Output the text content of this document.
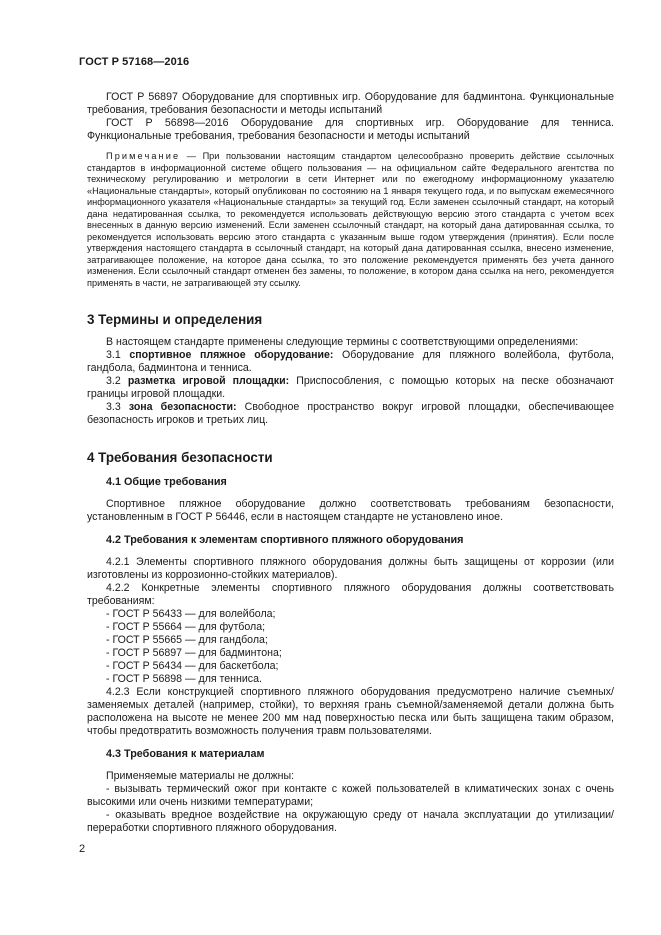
ГОСТ Р 57168—2016

ГОСТ Р 56897 Оборудование для спортивных игр. Оборудование для бадминтона. Функциональные требования, требования безопасности и методы испытаний

ГОСТ Р 56898—2016 Оборудование для спортивных игр. Оборудование для тенниса. Функциональные требования, требования безопасности и методы испытаний

Примечание — При пользовании настоящим стандартом целесообразно проверить действие ссылочных стандартов в информационной системе общего пользования — на официальном сайте Федерального агентства по техническому регулированию и метрологии в сети Интернет или по ежегодному информационному указателю «Национальные стандарты», который опубликован по состоянию на 1 января текущего года, и по выпускам ежемесячного информационного указателя «Национальные стандарты» за текущий год. Если заменен ссылочный стандарт, на который дана недатированная ссылка, то рекомендуется использовать действующую версию этого стандарта с учетом всех внесенных в данную версию изменений. Если заменен ссылочный стандарт, на который дана датированная ссылка, то рекомендуется использовать версию этого стандарта с указанным выше годом утверждения (принятия). Если после утверждения настоящего стандарта в ссылочный стандарт, на который дана датированная ссылка, внесено изменение, затрагивающее положение, на которое дана ссылка, то это положение рекомендуется применять без учета данного изменения. Если ссылочный стандарт отменен без замены, то положение, в котором дана ссылка на него, рекомендуется применять в части, не затрагивающей эту ссылку.

3 Термины и определения

В настоящем стандарте применены следующие термины с соответствующими определениями:

3.1 спортивное пляжное оборудование: Оборудование для пляжного волейбола, футбола, гандбола, бадминтона и тенниса.

3.2 разметка игровой площадки: Приспособления, с помощью которых на песке обозначают границы игровой площадки.

3.3 зона безопасности: Свободное пространство вокруг игровой площадки, обеспечивающее безопасность игроков и третьих лиц.

4 Требования безопасности
4.1 Общие требования

Спортивное пляжное оборудование должно соответствовать требованиям безопасности, установленным в ГОСТ Р 56446, если в настоящем стандарте не установлено иное.

4.2 Требования к элементам спортивного пляжного оборудования

4.2.1 Элементы спортивного пляжного оборудования должны быть защищены от коррозии (или изготовлены из коррозионно-стойких материалов).

4.2.2 Конкретные элементы спортивного пляжного оборудования должны соответствовать требованиям:

- ГОСТ Р 56433 — для волейбола;
- ГОСТ Р 55664 — для футбола;
- ГОСТ Р 55665 — для гандбола;
- ГОСТ Р 56897 — для бадминтона;
- ГОСТ Р 56434 — для баскетбола;
- ГОСТ Р 56898 — для тенниса.

4.2.3 Если конструкцией спортивного пляжного оборудования предусмотрено наличие съемных/заменяемых деталей (например, стойки), то верхняя грань съемной/заменяемой детали должна быть расположена на высоте не менее 200 мм над поверхностью песка или быть защищена таким образом, чтобы предотвратить возможность получения травм пользователями.

4.3 Требования к материалам

Применяемые материалы не должны:

- вызывать термический ожог при контакте с кожей пользователей в климатических зонах с очень высокими или очень низкими температурами;

- оказывать вредное воздействие на окружающую среду от начала эксплуатации до утилизации/переработки спортивного пляжного оборудования.

2
